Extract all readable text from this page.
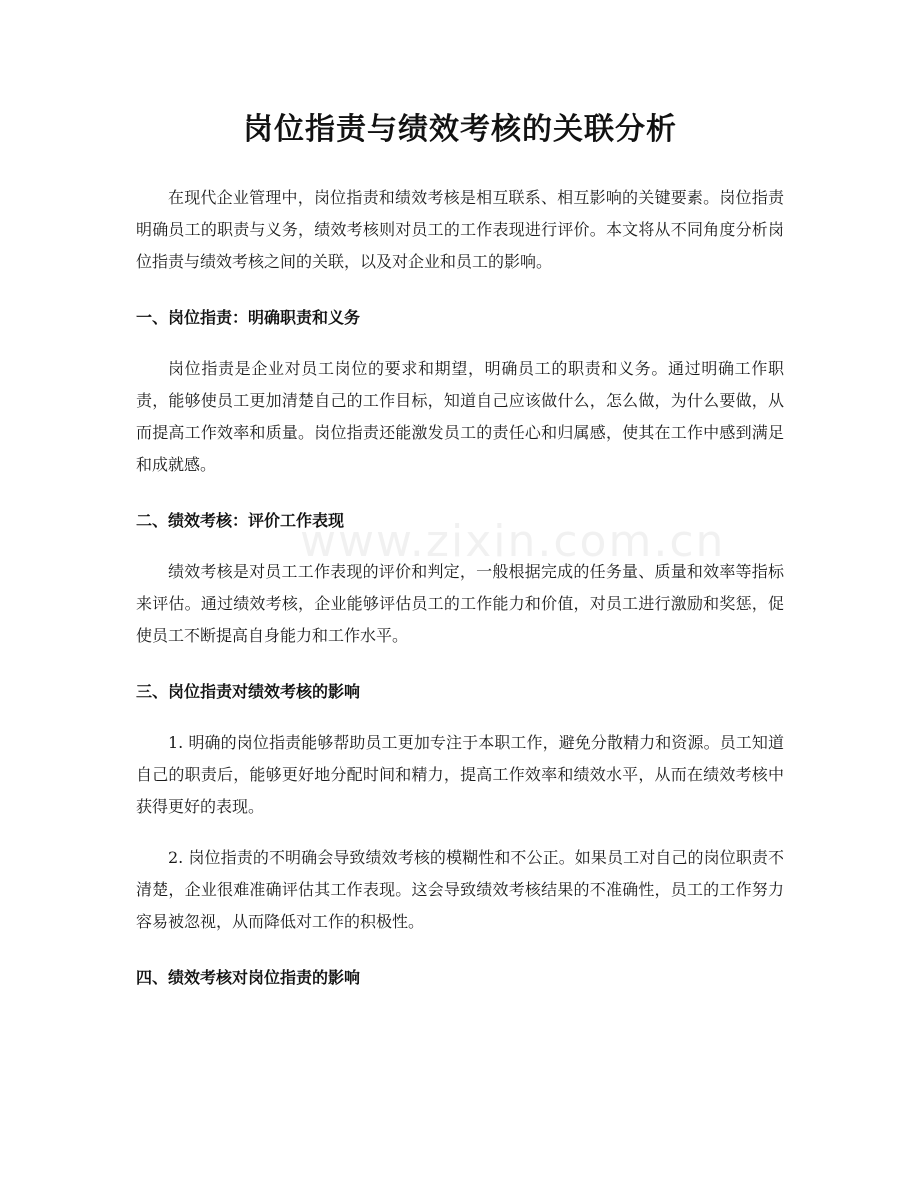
www.zixin.com.cn
岗位指责与绩效考核的关联分析

在现代企业管理中，岗位指责和绩效考核是相互联系、相互影响的关键要素。岗位指责明确员工的职责与义务，绩效考核则对员工的工作表现进行评价。本文将从不同角度分析岗位指责与绩效考核之间的关联，以及对企业和员工的影响。

一、岗位指责：明确职责和义务

岗位指责是企业对员工岗位的要求和期望，明确员工的职责和义务。通过明确工作职责，能够使员工更加清楚自己的工作目标，知道自己应该做什么，怎么做，为什么要做，从而提高工作效率和质量。岗位指责还能激发员工的责任心和归属感，使其在工作中感到满足和成就感。

二、绩效考核：评价工作表现

绩效考核是对员工工作表现的评价和判定，一般根据完成的任务量、质量和效率等指标来评估。通过绩效考核，企业能够评估员工的工作能力和价值，对员工进行激励和奖惩，促使员工不断提高自身能力和工作水平。

三、岗位指责对绩效考核的影响

1. 明确的岗位指责能够帮助员工更加专注于本职工作，避免分散精力和资源。员工知道自己的职责后，能够更好地分配时间和精力，提高工作效率和绩效水平，从而在绩效考核中获得更好的表现。

2. 岗位指责的不明确会导致绩效考核的模糊性和不公正。如果员工对自己的岗位职责不清楚，企业很难准确评估其工作表现。这会导致绩效考核结果的不准确性，员工的工作努力容易被忽视，从而降低对工作的积极性。

四、绩效考核对岗位指责的影响
